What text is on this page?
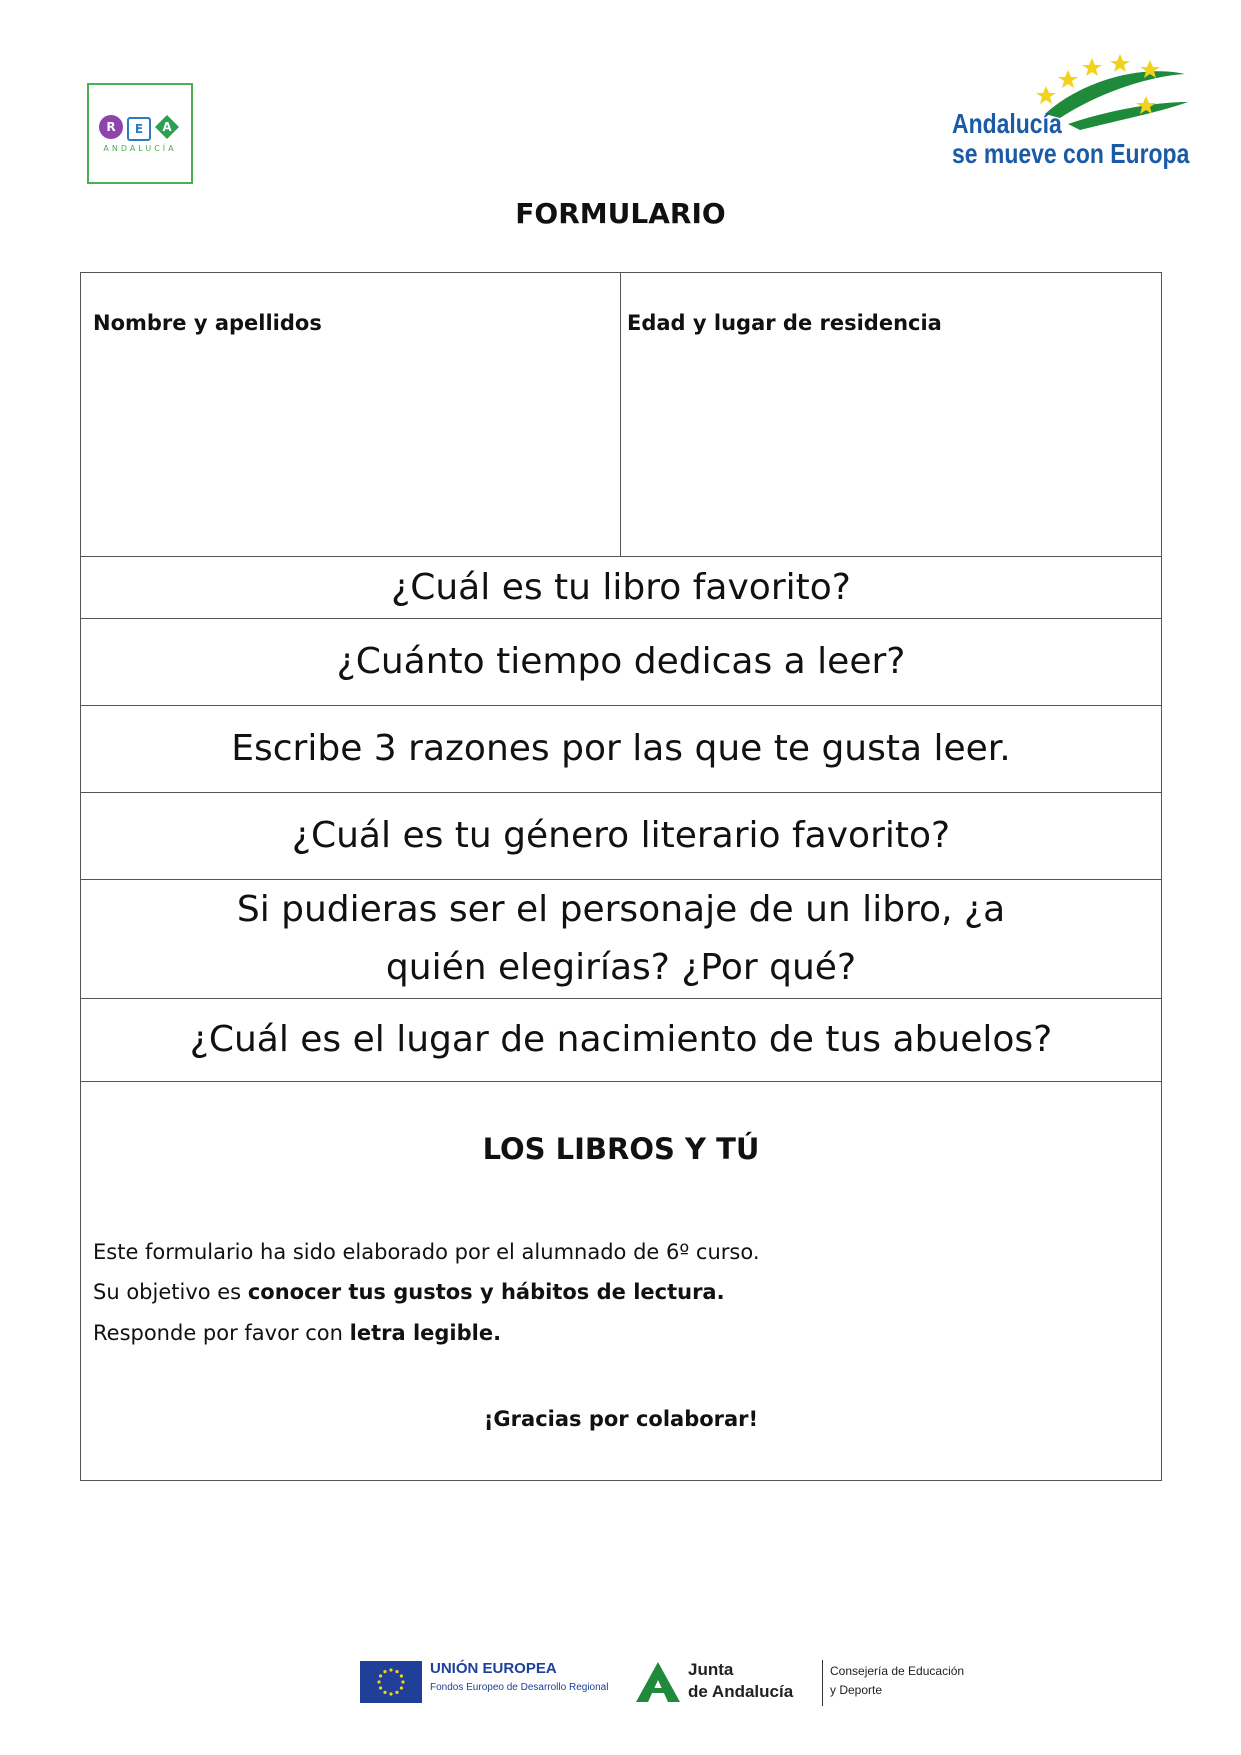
R	E	A
ANDALUCÍA
Andalucía
se mueve con Europa
FORMULARIO
Nombre y apellidos	Edad y lugar de residencia
¿Cuál es tu libro favorito?
¿Cuánto tiempo dedicas a leer?
Escribe 3 razones por las que te gusta leer.
¿Cuál es tu género literario favorito?
Si pudieras ser el personaje de un libro, ¿a quién elegirías? ¿Por qué?
¿Cuál es el lugar de nacimiento de tus abuelos?
LOS LIBROS Y TÚ
Este formulario ha sido elaborado por el alumnado de 6º curso.
Su objetivo es conocer tus gustos y hábitos de lectura.
Responde por favor con letra legible.
¡Gracias por colaborar!
UNIÓN EUROPEA
Fondos Europeo de Desarrollo Regional
Junta
de Andalucía
Consejería de Educación
y Deporte
